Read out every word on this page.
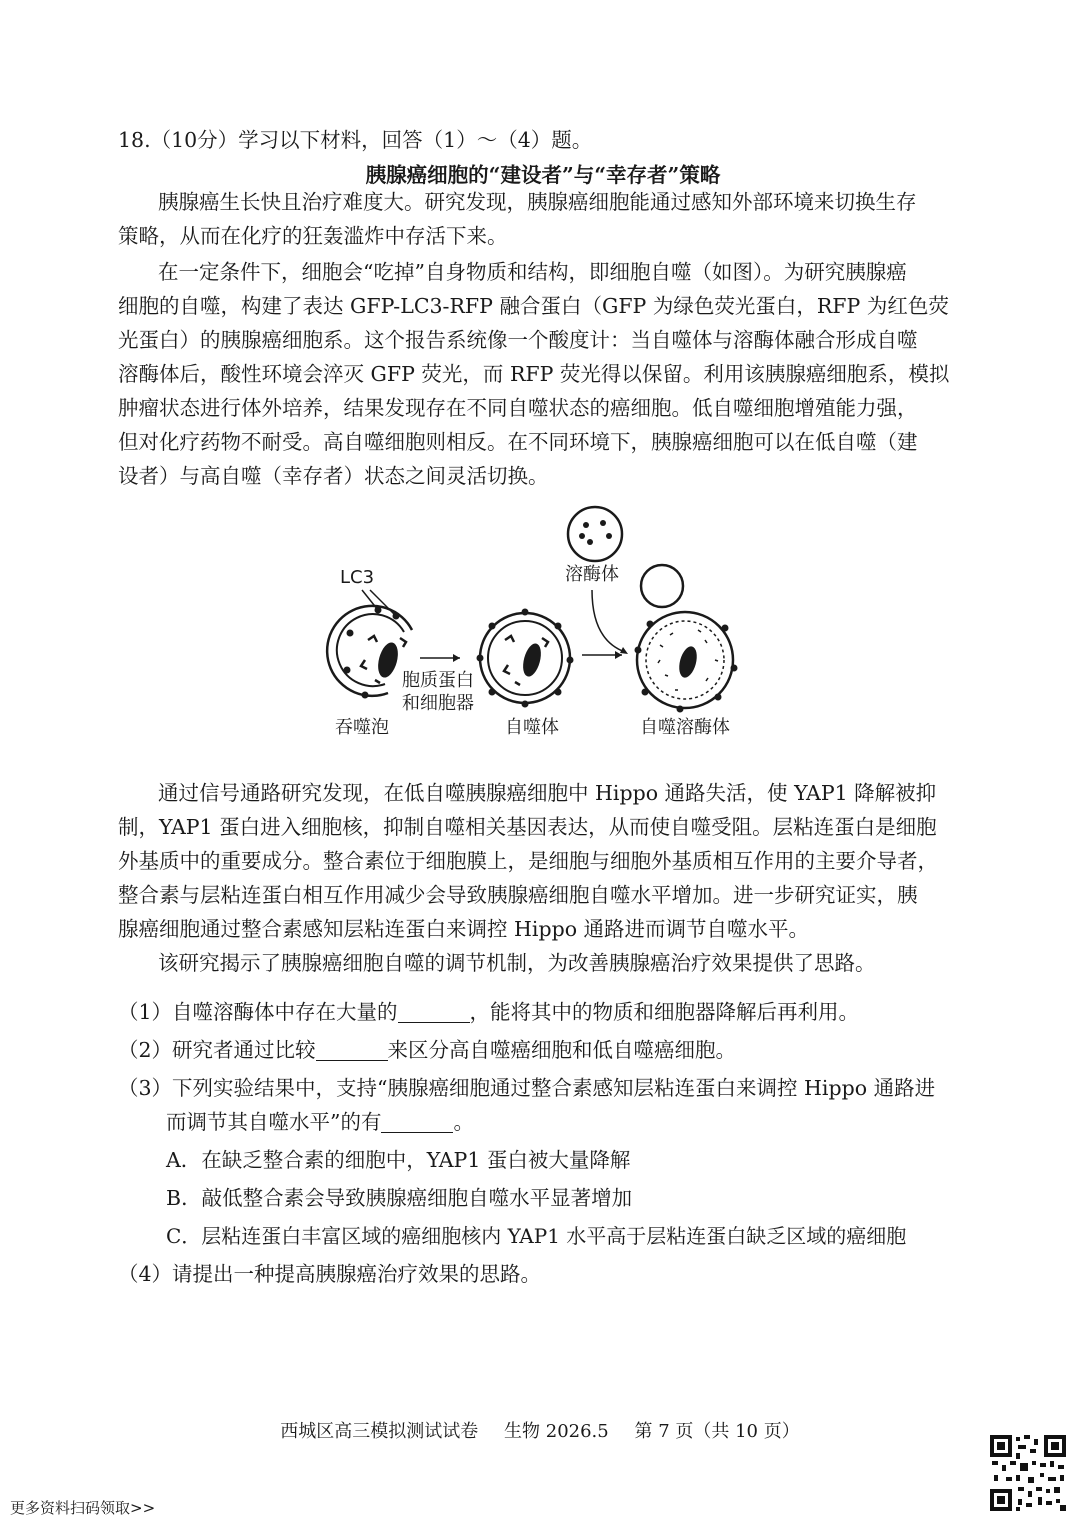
18.（10分）学习以下材料，回答（1）～（4）题。
胰腺癌细胞的“建设者”与“幸存者”策略
胰腺癌生长快且治疗难度大。研究发现，胰腺癌细胞能通过感知外部环境来切换生存
策略，从而在化疗的狂轰滥炸中存活下来。
在一定条件下，细胞会“吃掉”自身物质和结构，即细胞自噬（如图）。为研究胰腺癌
细胞的自噬，构建了表达 GFP-LC3-RFP 融合蛋白（GFP 为绿色荧光蛋白，RFP 为红色荧
光蛋白）的胰腺癌细胞系。这个报告系统像一个酸度计：当自噬体与溶酶体融合形成自噬
溶酶体后，酸性环境会淬灭 GFP 荧光，而 RFP 荧光得以保留。利用该胰腺癌细胞系，模拟
肿瘤状态进行体外培养，结果发现存在不同自噬状态的癌细胞。低自噬细胞增殖能力强，
但对化疗药物不耐受。高自噬细胞则相反。在不同环境下，胰腺癌细胞可以在低自噬（建
设者）与高自噬（幸存者）状态之间灵活切换。
溶酶体
LC3
胞质蛋白
和细胞器
吞噬泡	自噬体	自噬溶酶体
通过信号通路研究发现，在低自噬胰腺癌细胞中 Hippo 通路失活，使 YAP1 降解被抑
制，YAP1 蛋白进入细胞核，抑制自噬相关基因表达，从而使自噬受阻。层粘连蛋白是细胞
外基质中的重要成分。整合素位于细胞膜上，是细胞与细胞外基质相互作用的主要介导者，
整合素与层粘连蛋白相互作用减少会导致胰腺癌细胞自噬水平增加。进一步研究证实，胰
腺癌细胞通过整合素感知层粘连蛋白来调控 Hippo 通路进而调节自噬水平。
该研究揭示了胰腺癌细胞自噬的调节机制，为改善胰腺癌治疗效果提供了思路。
（1）自噬溶酶体中存在大量的	，能将其中的物质和细胞器降解后再利用。
（2）研究者通过比较	来区分高自噬癌细胞和低自噬癌细胞。
（3）下列实验结果中，支持“胰腺癌细胞通过整合素感知层粘连蛋白来调控 Hippo 通路进
而调节其自噬水平”的有	。
A．在缺乏整合素的细胞中，YAP1 蛋白被大量降解
B．敲低整合素会导致胰腺癌细胞自噬水平显著增加
C．层粘连蛋白丰富区域的癌细胞核内 YAP1 水平高于层粘连蛋白缺乏区域的癌细胞
（4）请提出一种提高胰腺癌治疗效果的思路。
西城区高三模拟测试试卷 生物 2026.5 第 7 页（共 10 页）
更多资料扫码领取>>
